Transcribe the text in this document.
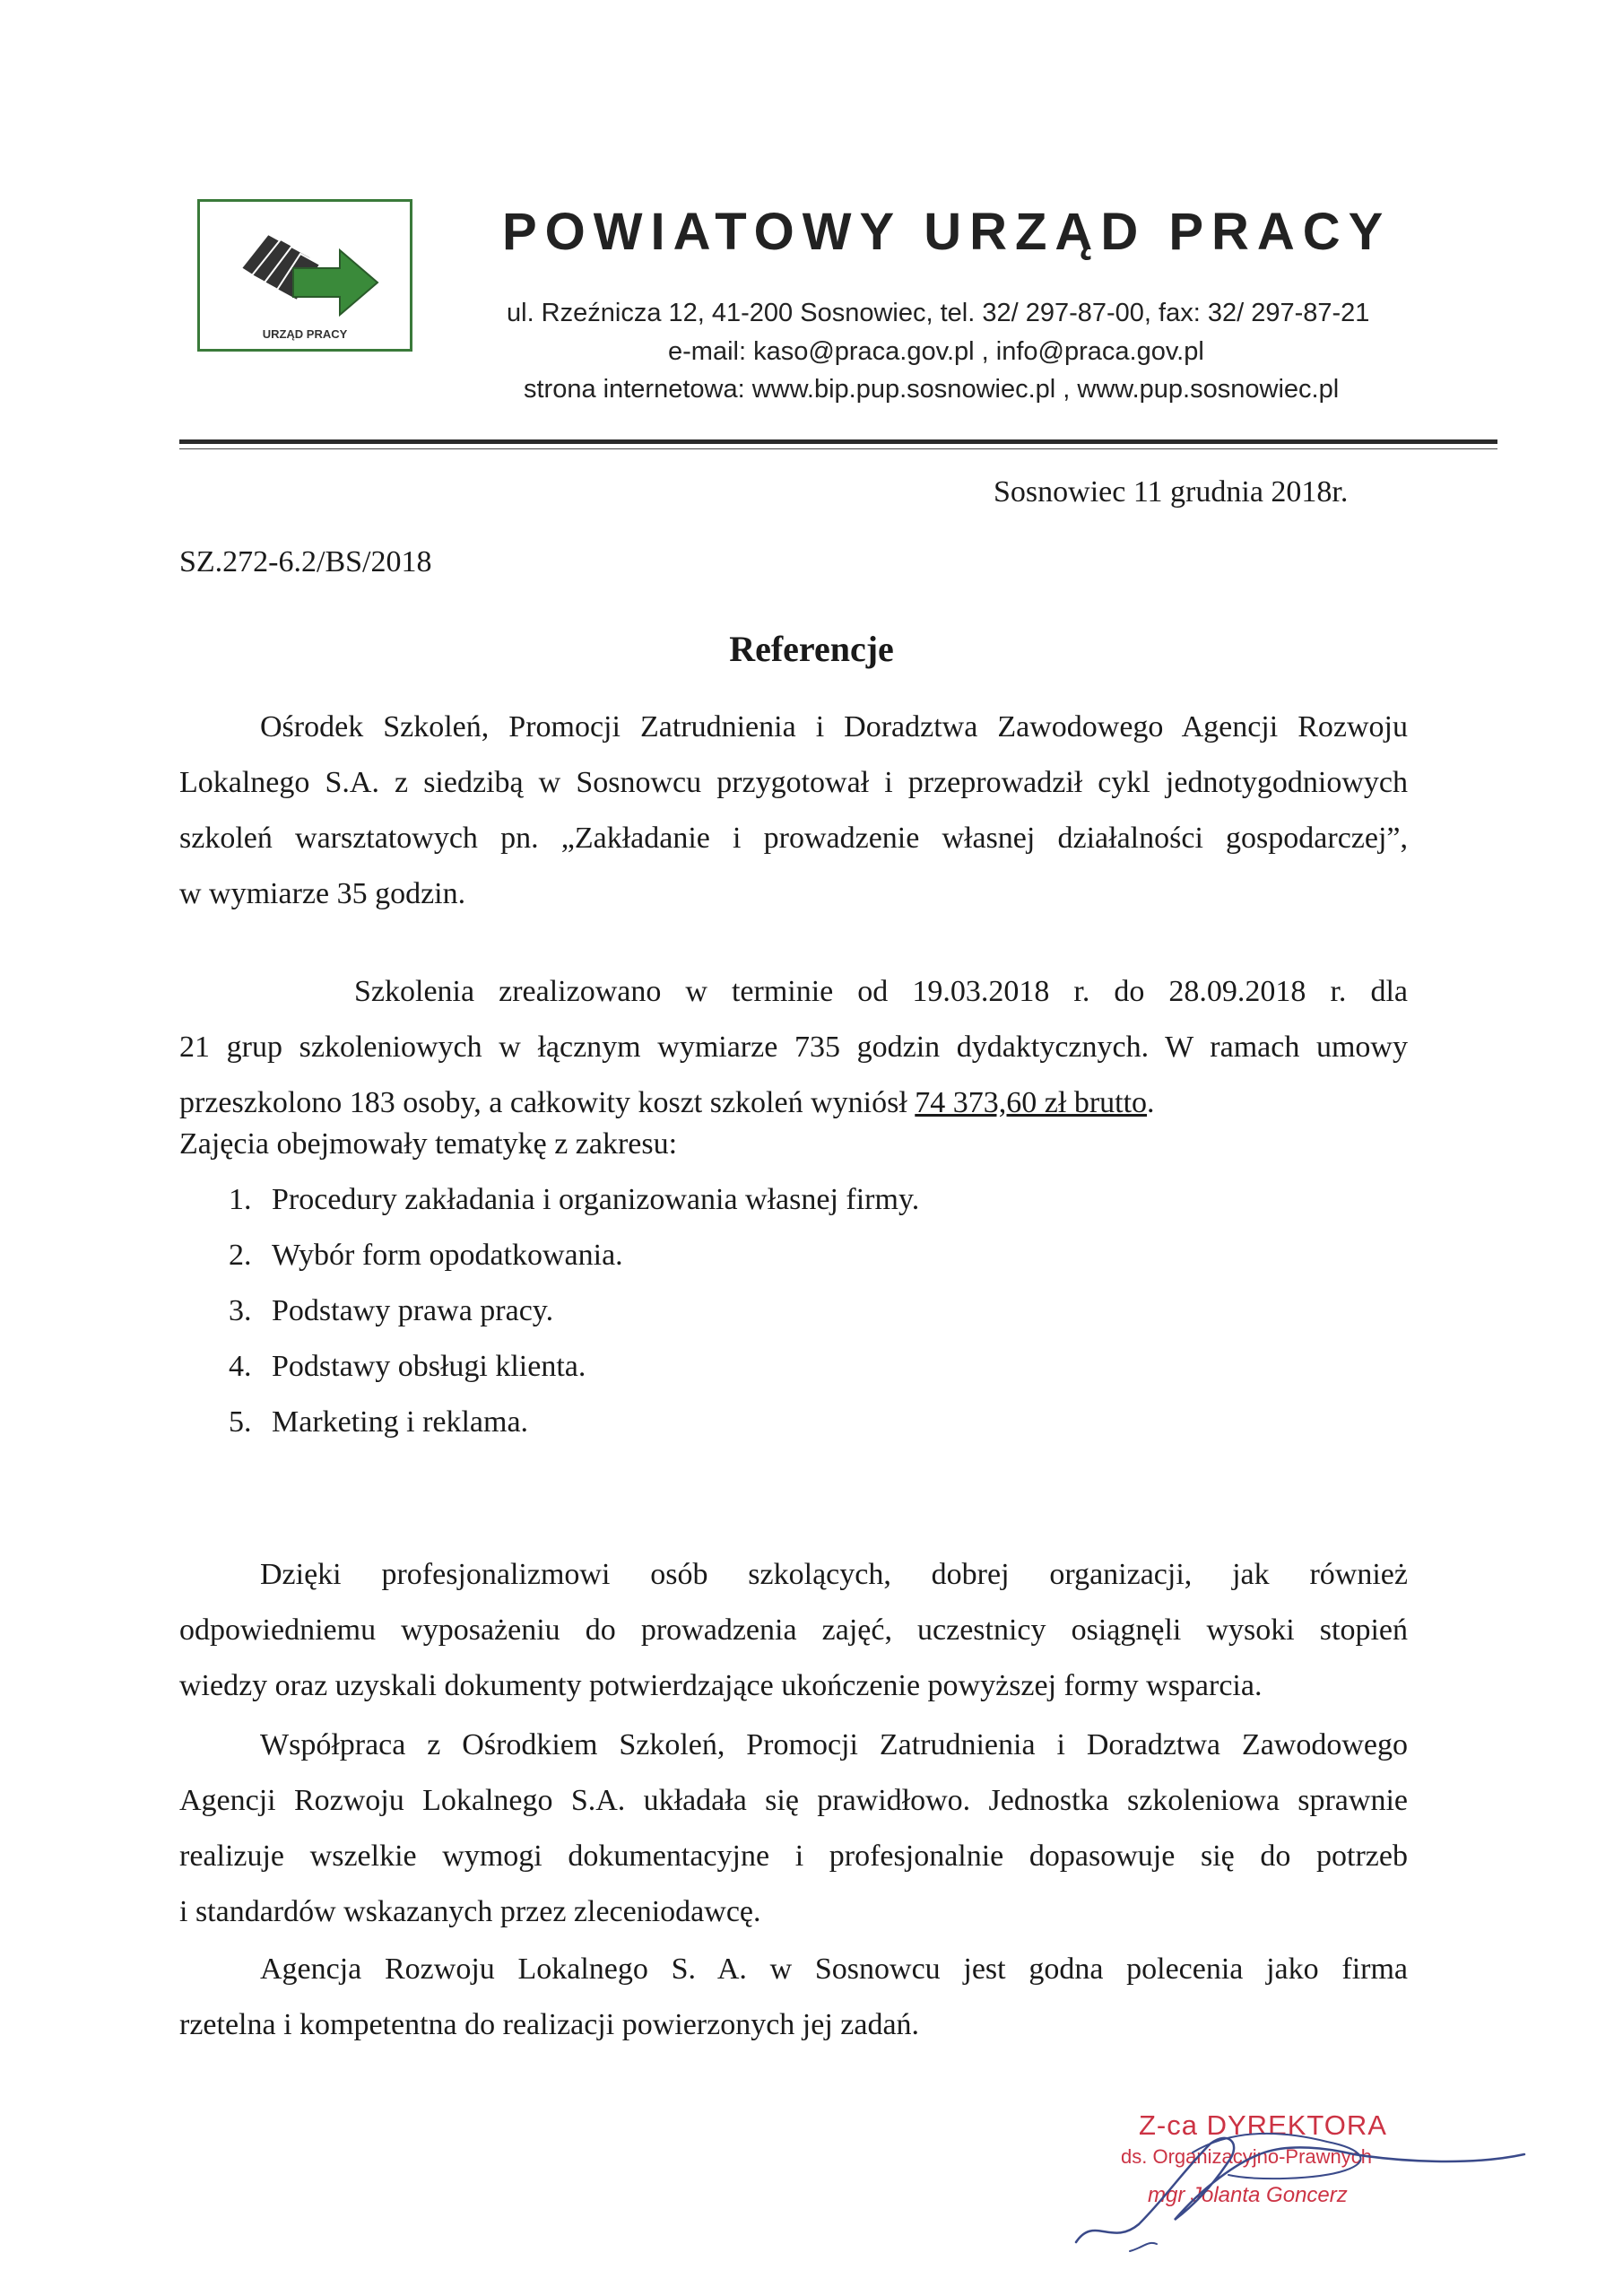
URZĄD PRACY
POWIATOWY URZĄD PRACY
ul. Rzeźnicza 12, 41-200 Sosnowiec, tel. 32/ 297-87-00, fax: 32/ 297-87-21
e-mail: kaso@praca.gov.pl , info@praca.gov.pl
strona internetowa: www.bip.pup.sosnowiec.pl , www.pup.sosnowiec.pl
Sosnowiec 11 grudnia 2018r.
SZ.272-6.2/BS/2018
Referencje
Ośrodek Szkoleń, Promocji Zatrudnienia i Doradztwa Zawodowego Agencji Rozwoju
Lokalnego S.A. z siedzibą w Sosnowcu przygotował i przeprowadził cykl jednotygodniowych
szkoleń warsztatowych pn. „Zakładanie i prowadzenie własnej działalności gospodarczej”,
w wymiarze 35 godzin.
Szkolenia zrealizowano w terminie od 19.03.2018 r. do 28.09.2018 r. dla
21 grup szkoleniowych w łącznym wymiarze 735 godzin dydaktycznych. W ramach umowy
przeszkolono 183 osoby, a całkowity koszt szkoleń wyniósł 74 373,60 zł brutto.
Zajęcia obejmowały tematykę z zakresu:
1. Procedury zakładania i organizowania własnej firmy.
2. Wybór form opodatkowania.
3. Podstawy prawa pracy.
4. Podstawy obsługi klienta.
5. Marketing i reklama.
Dzięki profesjonalizmowi osób szkolących, dobrej organizacji, jak również
odpowiedniemu wyposażeniu do prowadzenia zajęć, uczestnicy osiągnęli wysoki stopień
wiedzy oraz uzyskali dokumenty potwierdzające ukończenie powyższej formy wsparcia.
Współpraca z Ośrodkiem Szkoleń, Promocji Zatrudnienia i Doradztwa Zawodowego
Agencji Rozwoju Lokalnego S.A. układała się prawidłowo. Jednostka szkoleniowa sprawnie
realizuje wszelkie wymogi dokumentacyjne i profesjonalnie dopasowuje się do potrzeb
i standardów wskazanych przez zleceniodawcę.
Agencja Rozwoju Lokalnego S. A. w Sosnowcu jest godna polecenia jako firma
rzetelna i kompetentna do realizacji powierzonych jej zadań.
Z-ca DYREKTORA
ds. Organizacyjno-Prawnych
mgr Jolanta Goncerz
